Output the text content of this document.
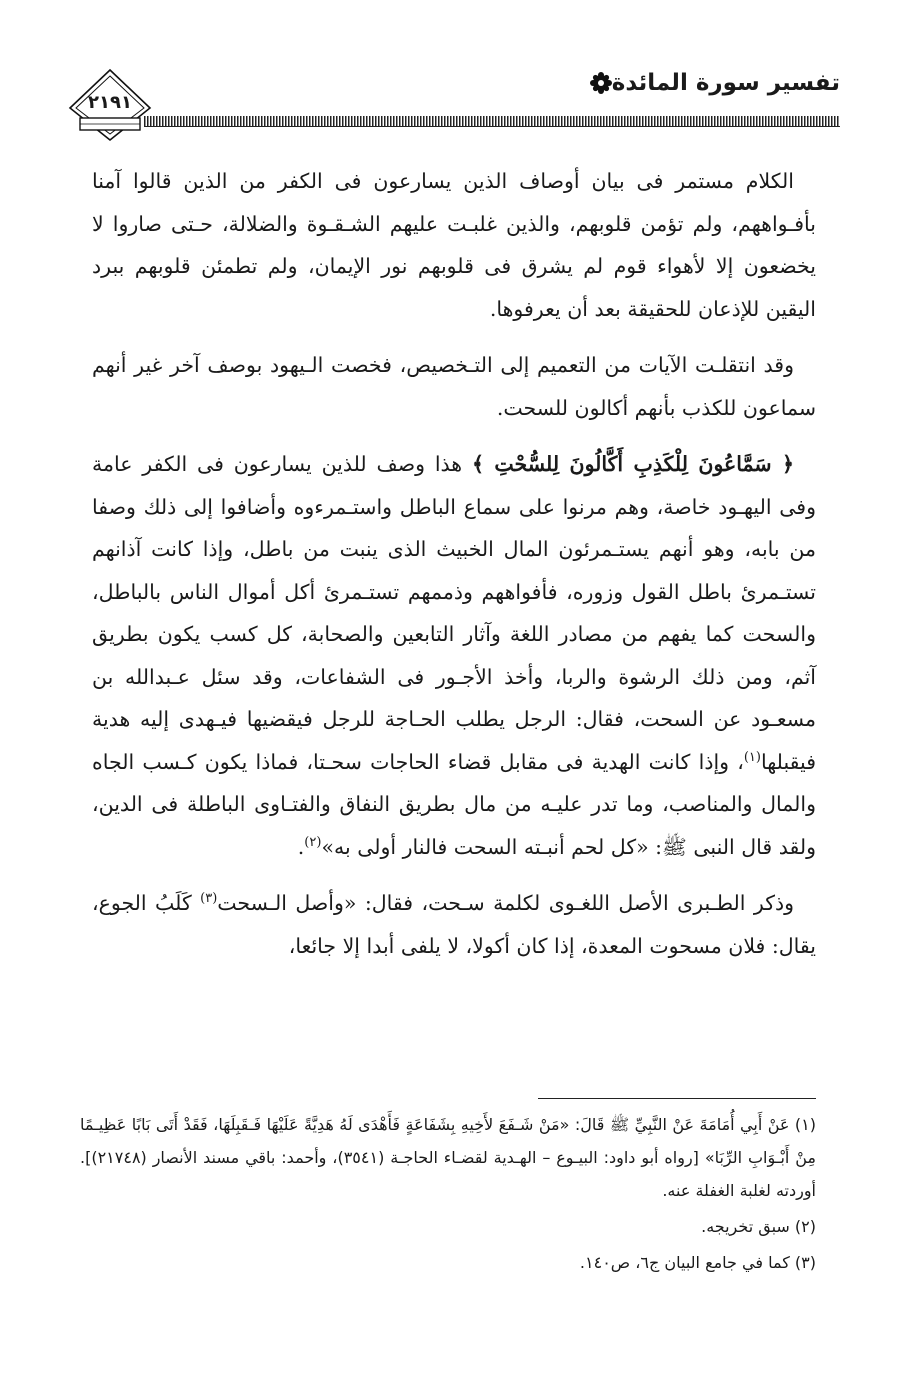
تفسير سورة المائدة
٢١٩١

الكلام مستمر فى بيان أوصاف الذين يسارعون فى الكفر من الذين قالوا آمنا بأفـواههم، ولم تؤمن قلوبهم، والذين غلبـت عليهم الشـقـوة والضلالة، حـتى صاروا لا يخضعون إلا لأهواء قوم لم يشرق فى قلوبهم نور الإيمان، ولم تطمئن قلوبهم ببرد اليقين للإذعان للحقيقة بعد أن يعرفوها.

وقد انتقلـت الآيات من التعميم إلى التـخصيص، فخصت الـيهود بوصف آخر غير أنهم سماعون للكذب بأنهم أكالون للسحت.

﴿ سَمَّاعُونَ لِلْكَذِبِ أَكَّالُونَ لِلسُّحْتِ ﴾ هذا وصف للذين يسارعون فى الكفر عامة وفى اليهـود خاصة، وهم مرنوا على سماع الباطل واستـمرءوه وأضافوا إلى ذلك وصفا من بابه، وهو أنهم يستـمرئون المال الخبيث الذى ينبت من باطل، وإذا كانت آذانهم تستـمرئ باطل القول وزوره، فأفواههم وذممهم تستـمرئ أكل أموال الناس بالباطل، والسحت كما يفهم من مصادر اللغة وآثار التابعين والصحابة، كل كسب يكون بطريق آثم، ومن ذلك الرشوة والربا، وأخذ الأجـور فى الشفاعات، وقد سئل عـبدالله بن مسعـود عن السحت، فقال: الرجل يطلب الحـاجة للرجل فيقضيها فيـهدى إليه هدية فيقبلها$^{(١)}$، وإذا كانت الهدية فى مقابل قضاء الحاجات سحـتا، فماذا يكون كـسب الجاه والمال والمناصب، وما تدر عليـه من مال بطريق النفاق والفتـاوى الباطلة فى الدين، ولقد قال النبى ﷺ: «كل لحم أنبـته السحت فالنار أولى به»$^{(٢)}$.

وذكر الطـبرى الأصل اللغـوى لكلمة سـحت، فقال: «وأصل الـسحت$^{(٣)}$ كَلَبُ الجوع، يقال: فلان مسحوت المعدة، إذا كان أكولا، لا يلفى أبدا إلا جائعا،

(١) عَنْ أَبِي أُمَامَةَ عَنْ النَّبِيِّ ﷺ قَالَ: «مَنْ شَـفَعَ لأَخِيهِ بِشَفَاعَةٍ فَأَهْدَى لَهُ هَدِيَّةً عَلَيْهَا فَـقَبِلَهَا، فَقَدْ أَتَى بَابًا عَظِيـمًا مِنْ أَبْـوَابِ الرِّبَا» [رواه أبو داود: البيـوع – الهـدية لقضـاء الحاجـة (٣٥٤١)، وأحمد: باقي مسند الأنصار (٢١٧٤٨)]. أوردته لغلبة الغفلة عنه.

(٢) سبق تخريجه.

(٣) كما في جامع البيان ج٦، ص١٤٠.
